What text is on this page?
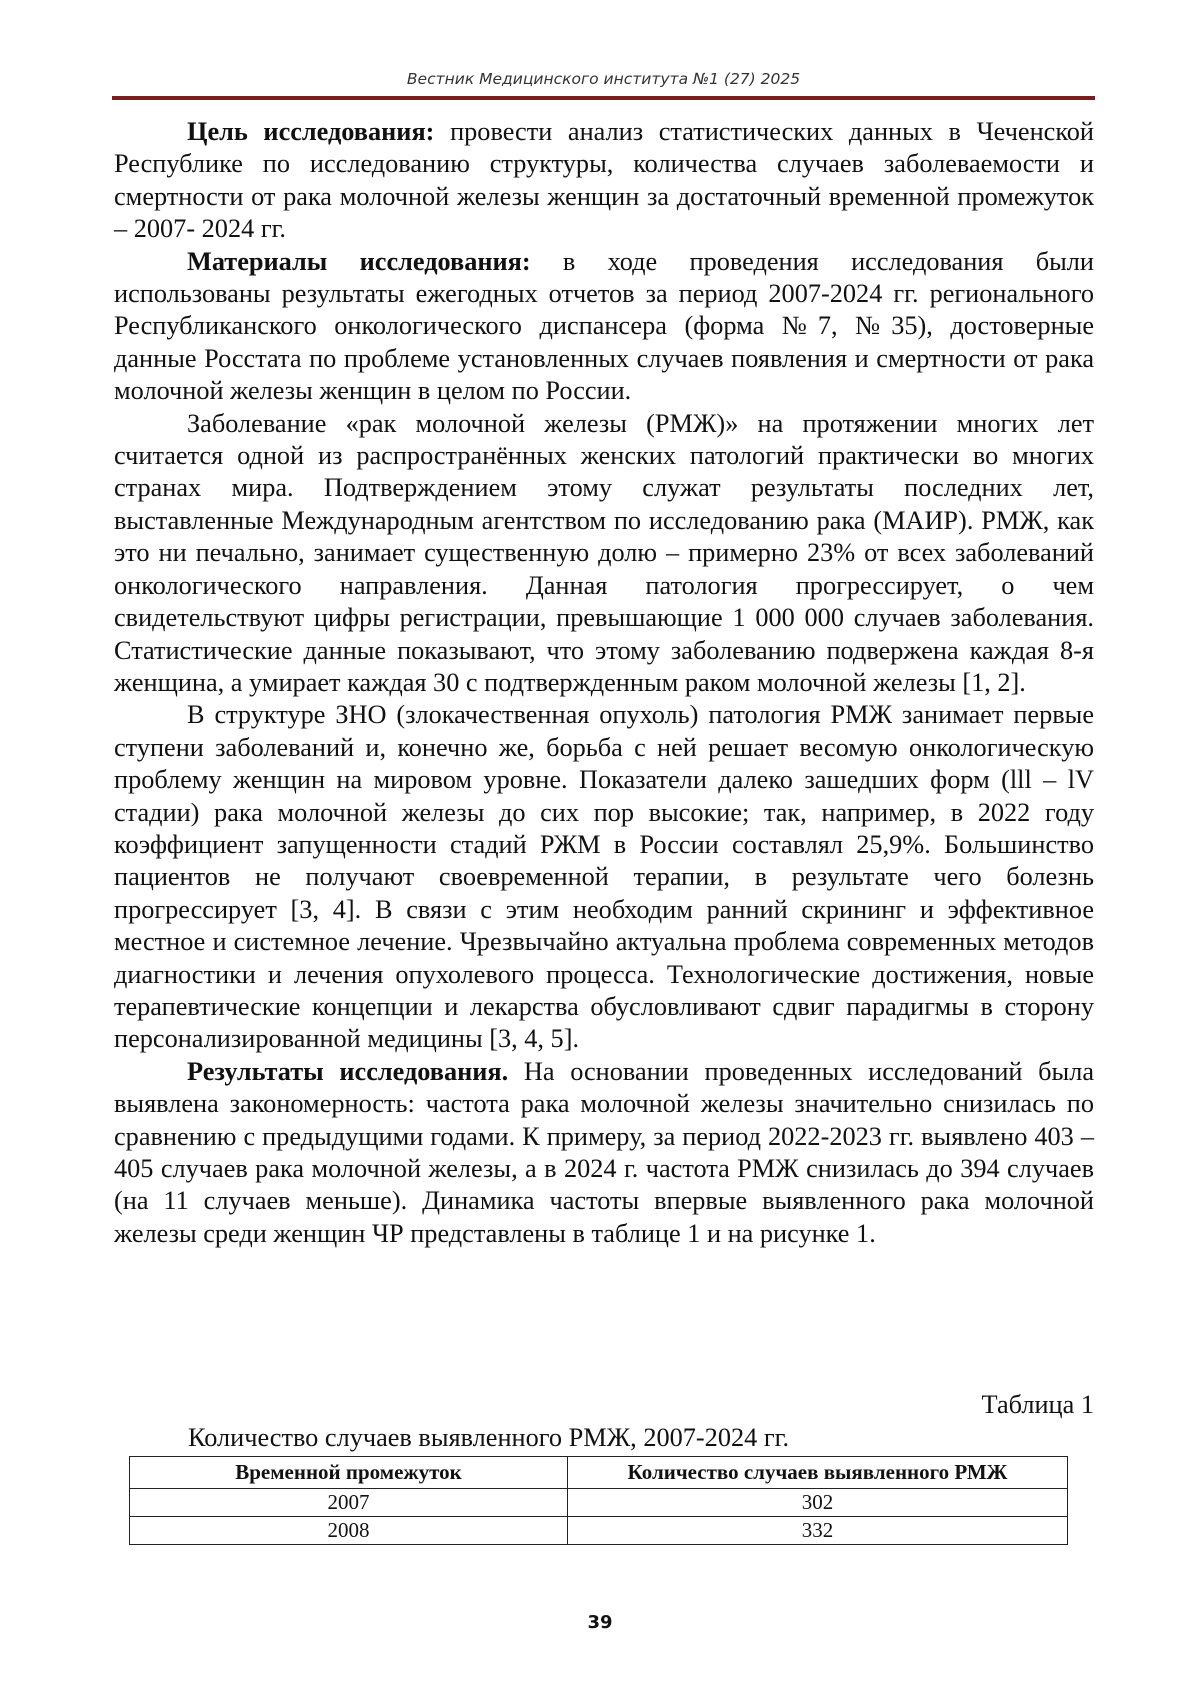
Вестник Медицинского института №1 (27) 2025

Цель исследования: провести анализ статистических данных в Чеченской Республике по исследованию структуры, количества случаев заболеваемости и смертности от рака молочной железы женщин за достаточный временной промежуток – 2007- 2024 гг.

Материалы исследования: в ходе проведения исследования были использованы результаты ежегодных отчетов за период 2007-2024 гг. регионального Республиканского онкологического диспансера (форма №7, №35), достоверные данные Росстата по проблеме установленных случаев появления и смертности от рака молочной железы женщин в целом по России.

Заболевание «рак молочной железы (РМЖ)» на протяжении многих лет считается одной из распространённых женских патологий практически во многих странах мира. Подтверждением этому служат результаты последних лет, выставленные Международным агентством по исследованию рака (МАИР). РМЖ, как это ни печально, занимает существенную долю – примерно 23% от всех заболеваний онкологического направления. Данная патология прогрессирует, о чем свидетельствуют цифры регистрации, превышающие 1 000 000 случаев заболевания. Статистические данные показывают, что этому заболеванию подвержена каждая 8-я женщина, а умирает каждая 30 с подтвержденным раком молочной железы [1, 2].

В структуре ЗНО (злокачественная опухоль) патология РМЖ занимает первые ступени заболеваний и, конечно же, борьба с ней решает весомую онкологическую проблему женщин на мировом уровне. Показатели далеко зашедших форм (lll – lV стадии) рака молочной железы до сих пор высокие; так, например, в 2022 году коэффициент запущенности стадий РЖМ в России составлял 25,9%. Большинство пациентов не получают своевременной терапии, в результате чего болезнь прогрессирует [3, 4]. В связи с этим необходим ранний скрининг и эффективное местное и системное лечение. Чрезвычайно актуальна проблема современных методов диагностики и лечения опухолевого процесса. Технологические достижения, новые терапевтические концепции и лекарства обусловливают сдвиг парадигмы в сторону персонализированной медицины [3, 4, 5].

Результаты исследования. На основании проведенных исследований была выявлена закономерность: частота рака молочной железы значительно снизилась по сравнению с предыдущими годами. К примеру, за период 2022-2023 гг. выявлено 403 – 405 случаев рака молочной железы, а в 2024 г. частота РМЖ снизилась до 394 случаев (на 11 случаев меньше). Динамика частоты впервые выявленного рака молочной железы среди женщин ЧР представлены в таблице 1 и на рисунке 1.

Таблица 1
Количество случаев выявленного РМЖ, 2007-2024 гг.
Временной промежуток	Количество случаев выявленного РМЖ
2007	302
2008	332
39
